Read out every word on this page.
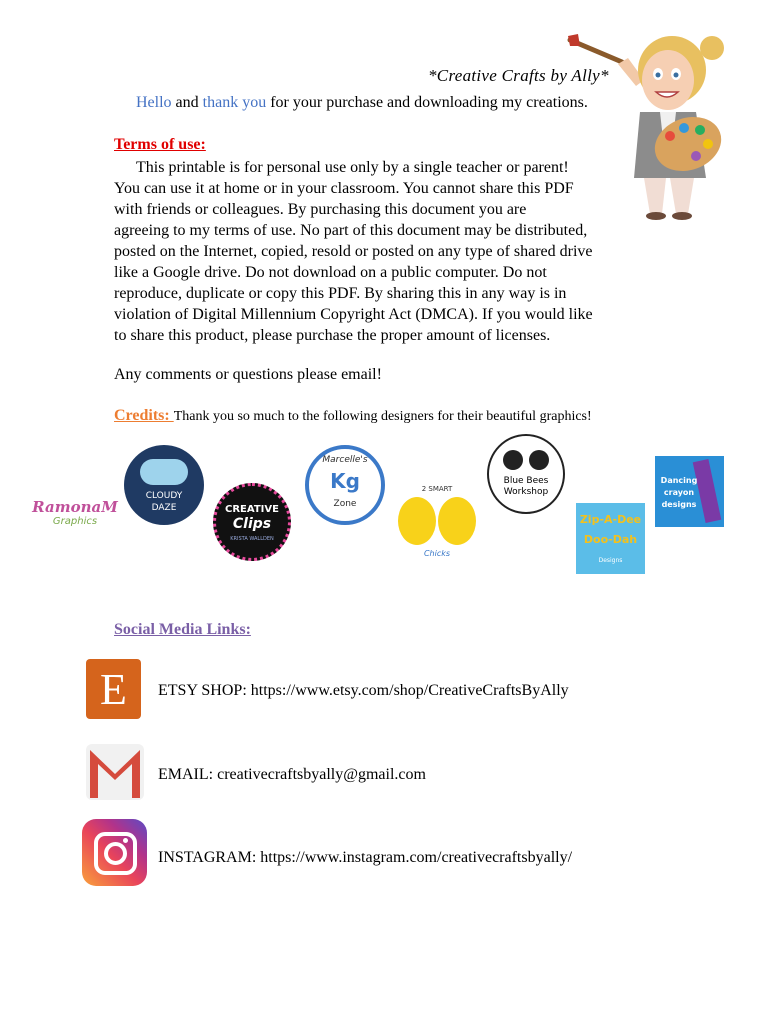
*Creative Crafts by Ally*
Hello and thank you for your purchase and downloading my creations.
Terms of use:

This printable is for personal use only by a single teacher or parent!

You can use it at home or in your classroom. You cannot share this PDF

with friends or colleagues. By purchasing this document you are

agreeing to my terms of use. No part of this document may be distributed,

posted on the Internet, copied, resold or posted on any type of shared drive

like a Google drive. Do not download on a public computer. Do not

reproduce, duplicate or copy this PDF. By sharing this in any way is in

violation of Digital Millennium Copyright Act (DMCA). If you would like

to share this product, please purchase the proper amount of licenses.

Any comments or questions please email!
Credits: Thank you so much to the following designers for their beautiful graphics!
RamonaM
Graphics
CLOUDY
DAZE	CREATIVE
Clips
KRISTA WALLDEN
Marcelle's
Kg
Zone
2 SMART
Chicks
Blue Bees
Workshop
Zip-A-Dee
Doo-Dah
Designs
Dancing
crayon
designs
Social Media Links:
E ETSY SHOP: https://www.etsy.com/shop/CreativeCraftsByAlly
EMAIL: creativecraftsbyally@gmail.com
INSTAGRAM: https://www.instagram.com/creativecraftsbyally/
